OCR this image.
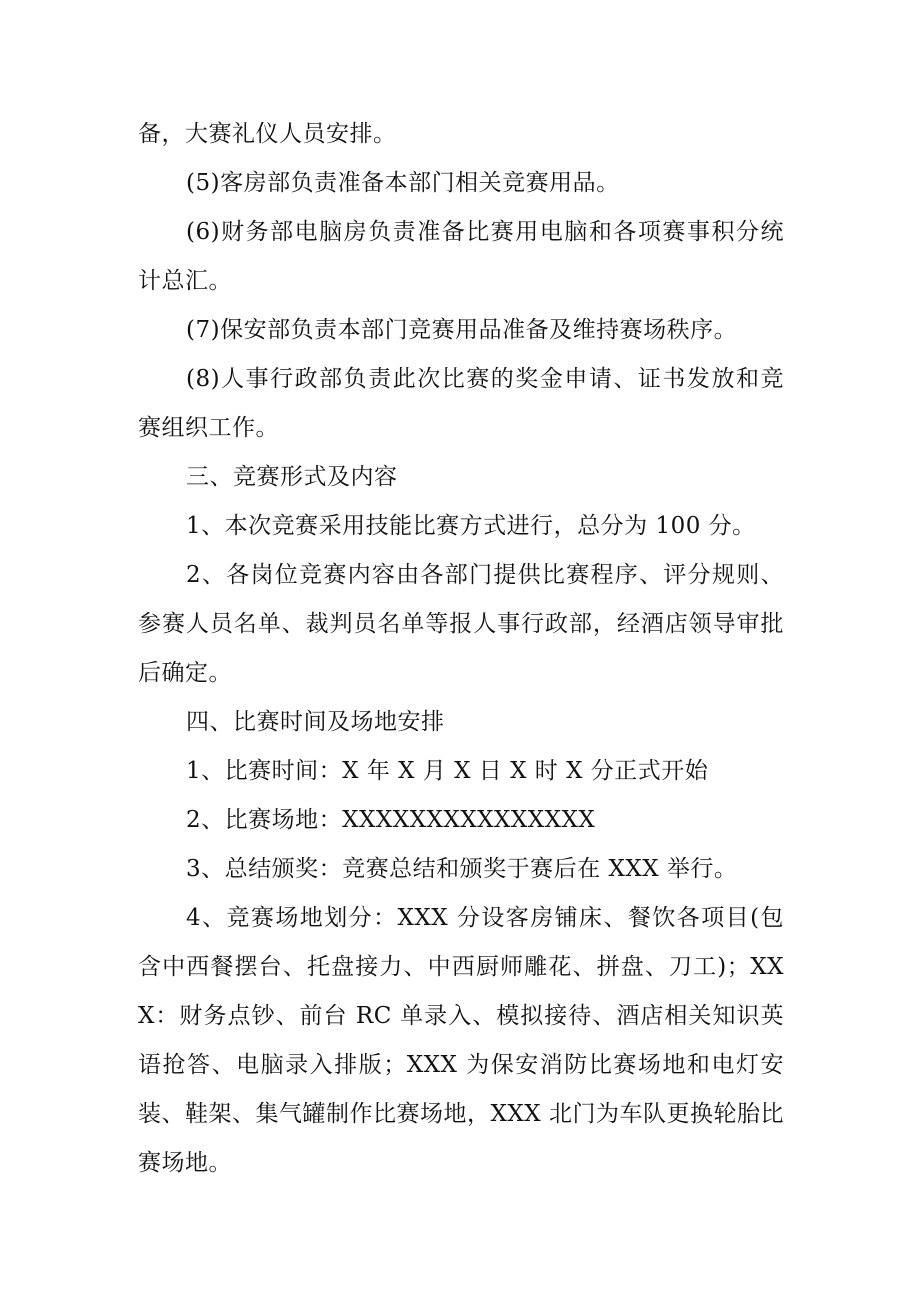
备，大赛礼仪人员安排。

(5)客房部负责准备本部门相关竞赛用品。

(6)财务部电脑房负责准备比赛用电脑和各项赛事积分统计总汇。

(7)保安部负责本部门竞赛用品准备及维持赛场秩序。

(8)人事行政部负责此次比赛的奖金申请、证书发放和竞赛组织工作。

三、竞赛形式及内容

1、本次竞赛采用技能比赛方式进行，总分为 100 分。

2、各岗位竞赛内容由各部门提供比赛程序、评分规则、参赛人员名单、裁判员名单等报人事行政部，经酒店领导审批后确定。

四、比赛时间及场地安排

1、比赛时间：X 年 X 月 X 日 X 时 X 分正式开始

2、比赛场地：XXXXXXXXXXXXXXX

3、总结颁奖：竞赛总结和颁奖于赛后在 XXX 举行。

4、竞赛场地划分：XXX 分设客房铺床、餐饮各项目(包含中西餐摆台、托盘接力、中西厨师雕花、拼盘、刀工)；XXX：财务点钞、前台 RC 单录入、模拟接待、酒店相关知识英语抢答、电脑录入排版；XXX 为保安消防比赛场地和电灯安装、鞋架、集气罐制作比赛场地，XXX 北门为车队更换轮胎比赛场地。
